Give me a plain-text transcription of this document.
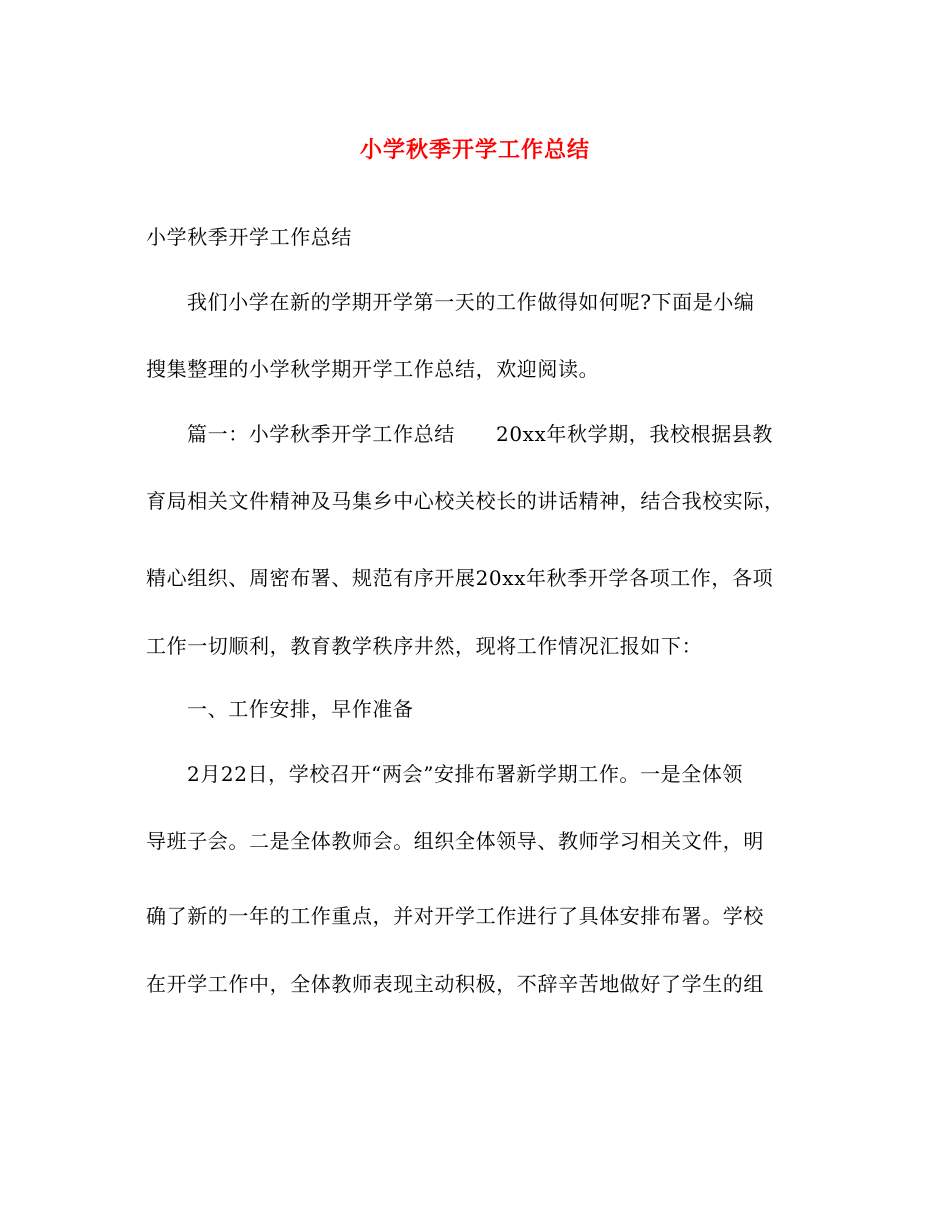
小学秋季开学工作总结
小学秋季开学工作总结
我们小学在新的学期开学第一天的工作做得如何呢?下面是小编
搜集整理的小学秋学期开学工作总结，欢迎阅读。
篇一：小学秋季开学工作总结　　20xx年秋学期，我校根据县教
育局相关文件精神及马集乡中心校关校长的讲话精神，结合我校实际，
精心组织、周密布署、规范有序开展20xx年秋季开学各项工作，各项
工作一切顺利，教育教学秩序井然，现将工作情况汇报如下：
一、工作安排，早作准备
2月22日，学校召开“两会”安排布署新学期工作。一是全体领
导班子会。二是全体教师会。组织全体领导、教师学习相关文件，明
确了新的一年的工作重点，并对开学工作进行了具体安排布署。学校
在开学工作中，全体教师表现主动积极，不辞辛苦地做好了学生的组
